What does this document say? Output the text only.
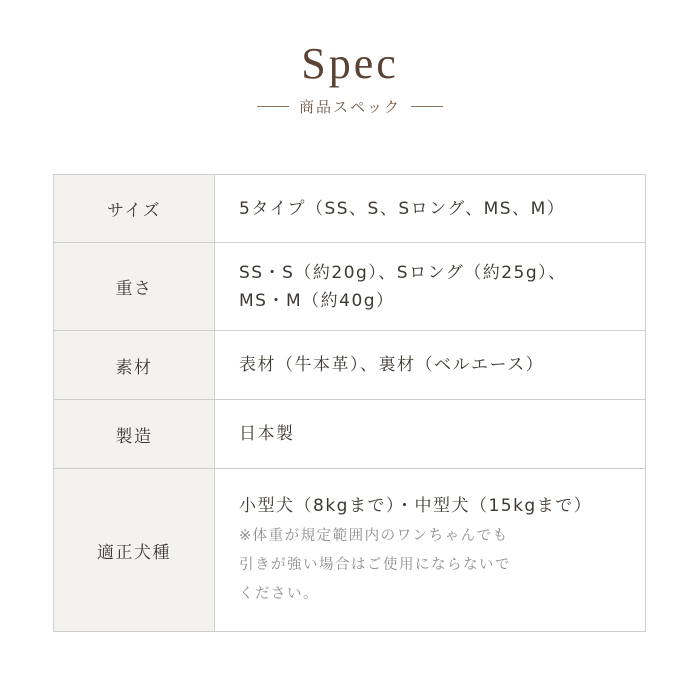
Spec
商品スペック
サイズ	5タイプ（SS、S、Sロング、MS、M）

重さ	SS・S（約20g）、Sロング（約25g）、
MS・M（約40g）

素材	表材（牛本革）、裏材（ベルエース）

製造	日本製

適正犬種	小型犬（8kgまで）・中型犬（15kgまで）
※体重が規定範囲内のワンちゃんでも
引きが強い場合はご使用にならないで
ください。
